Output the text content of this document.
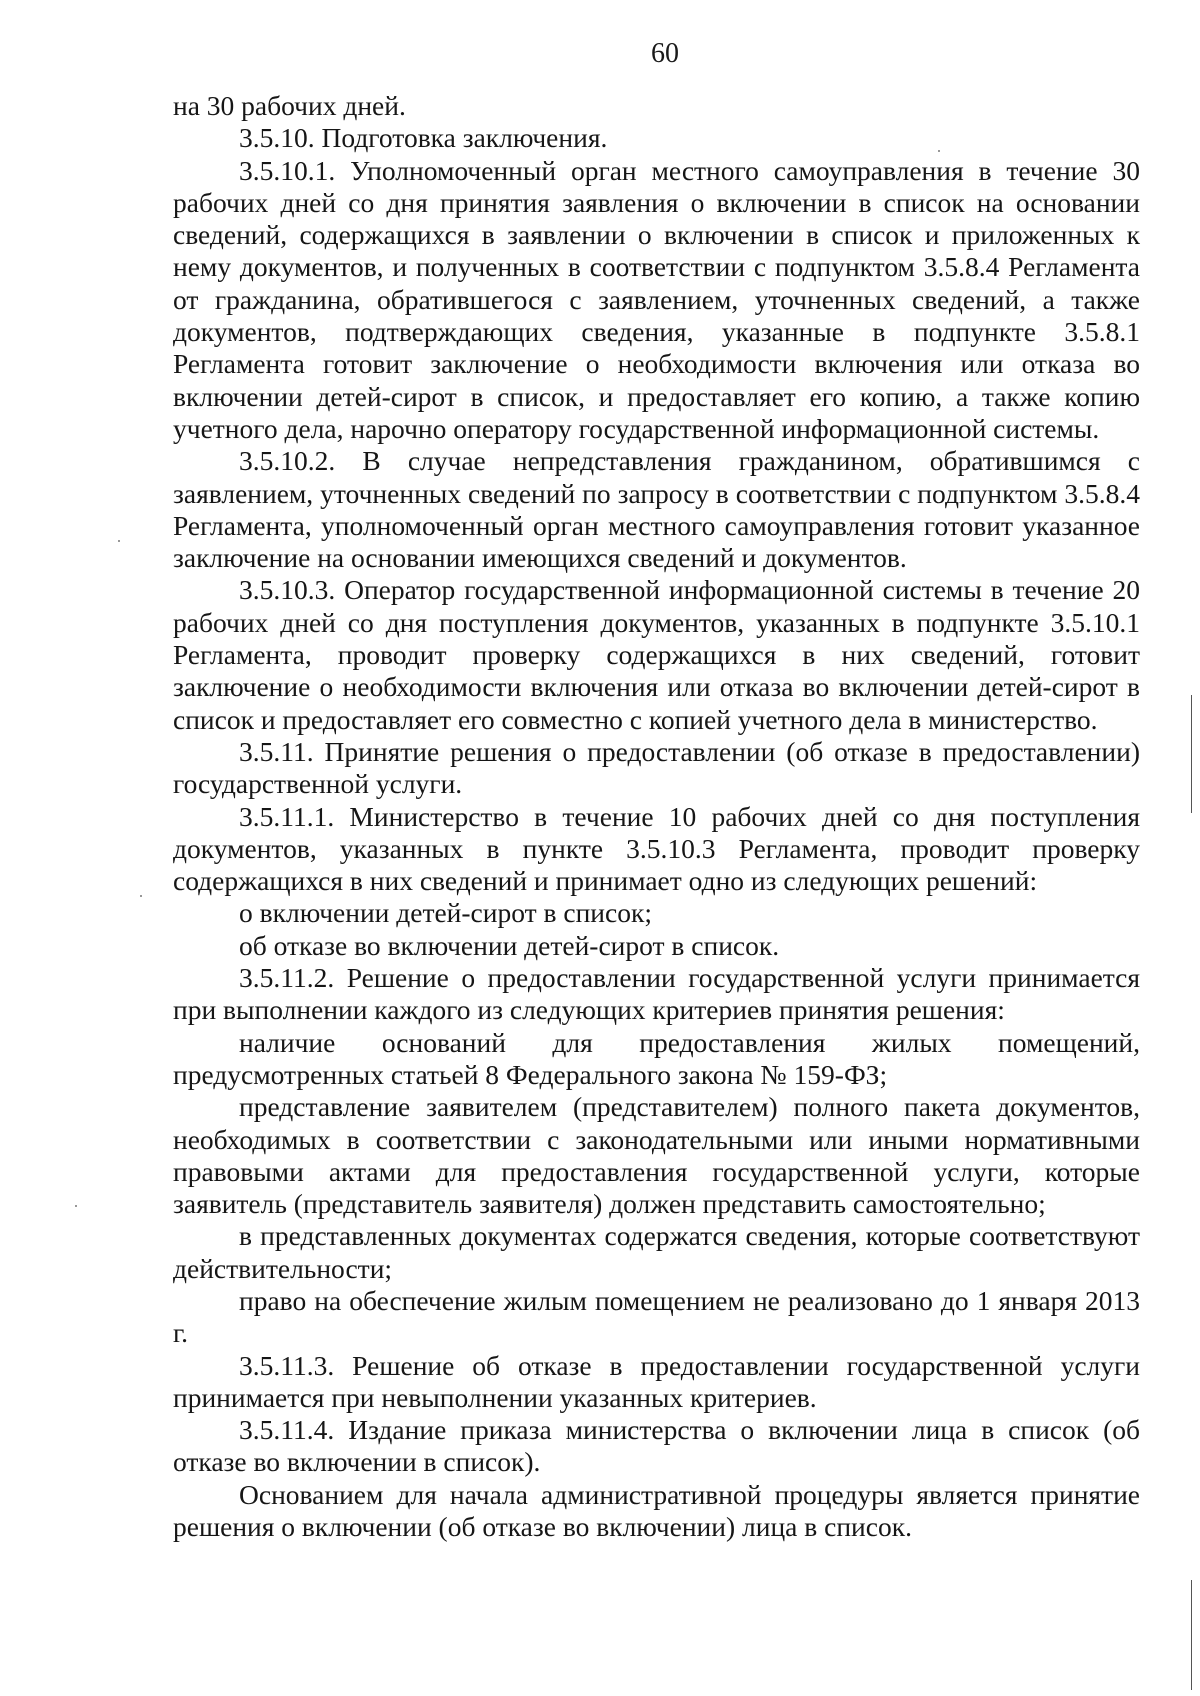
60

на 30 рабочих дней.

3.5.10. Подготовка заключения.

3.5.10.1. Уполномоченный орган местного самоуправления в течение 30 рабочих дней со дня принятия заявления о включении в список на основании сведений, содержащихся в заявлении о включении в список и приложенных к нему документов, и полученных в соответствии с подпунктом 3.5.8.4 Регламента от гражданина, обратившегося с заявлением, уточненных сведений, а также документов, подтверждающих сведения, указанные в подпункте 3.5.8.1 Регламента готовит заключение о необходимости включения или отказа во включении детей-сирот в список, и предоставляет его копию, а также копию учетного дела, нарочно оператору государственной информационной системы.

3.5.10.2. В случае непредставления гражданином, обратившимся с заявлением, уточненных сведений по запросу в соответствии с подпунктом 3.5.8.4 Регламента, уполномоченный орган местного самоуправления готовит указанное заключение на основании имеющихся сведений и документов.

3.5.10.3. Оператор государственной информационной системы в течение 20 рабочих дней со дня поступления документов, указанных в подпункте 3.5.10.1 Регламента, проводит проверку содержащихся в них сведений, готовит заключение о необходимости включения или отказа во включении детей-сирот в список и предоставляет его совместно с копией учетного дела в министерство.

3.5.11. Принятие решения о предоставлении (об отказе в предоставлении) государственной услуги.

3.5.11.1. Министерство в течение 10 рабочих дней со дня поступления документов, указанных в пункте 3.5.10.3 Регламента, проводит проверку содержащихся в них сведений и принимает одно из следующих решений:

о включении детей-сирот в список;

об отказе во включении детей-сирот в список.

3.5.11.2. Решение о предоставлении государственной услуги принимается при выполнении каждого из следующих критериев принятия решения:

наличие оснований для предоставления жилых помещений, предусмотренных статьей 8 Федерального закона № 159-ФЗ;

представление заявителем (представителем) полного пакета документов, необходимых в соответствии с законодательными или иными нормативными правовыми актами для предоставления государственной услуги, которые заявитель (представитель заявителя) должен представить самостоятельно;

в представленных документах содержатся сведения, которые соответствуют действительности;

право на обеспечение жилым помещением не реализовано до 1 января 2013 г.

3.5.11.3. Решение об отказе в предоставлении государственной услуги принимается при невыполнении указанных критериев.

3.5.11.4. Издание приказа министерства о включении лица в список (об отказе во включении в список).

Основанием для начала административной процедуры является принятие решения о включении (об отказе во включении) лица в список.
